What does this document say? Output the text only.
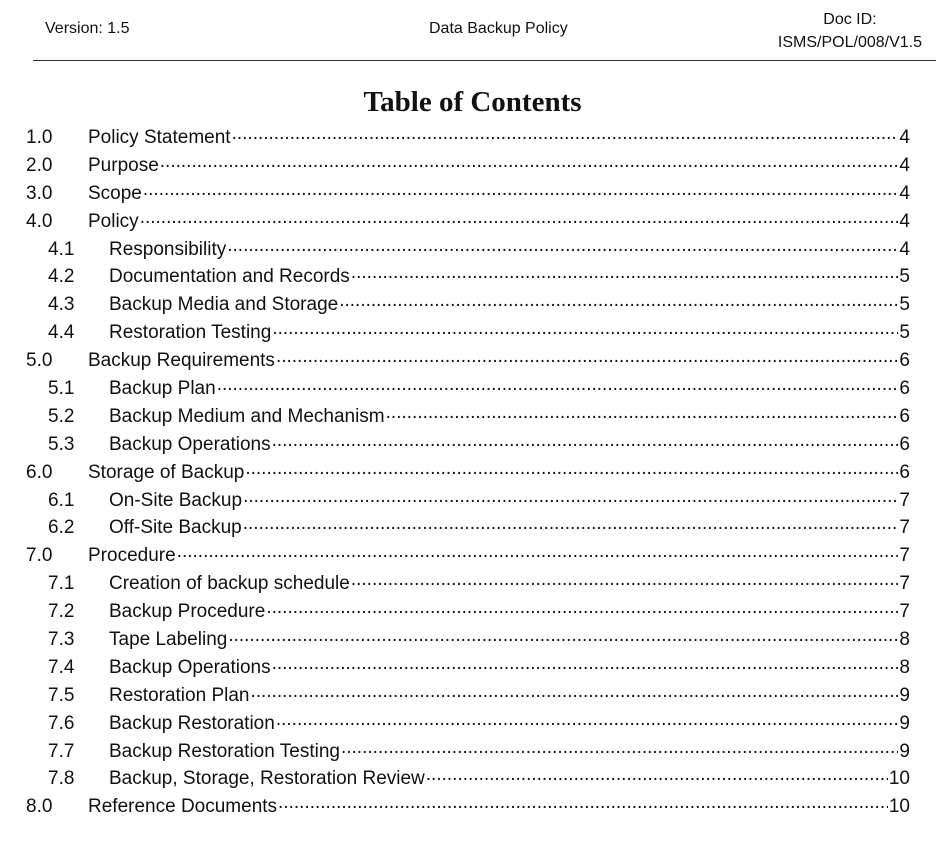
Version: 1.5	Data Backup Policy
Doc ID:
ISMS/POL/008/V1.5
Table of Contents
1.0	Policy Statement .....	4
2.0	Purpose .....	4
3.0	Scope .....	4
4.0	Policy .....	4
4.1	Responsibility .....	4
4.2	Documentation and Records .....	5
4.3	Backup Media and Storage .....	5
4.4	Restoration Testing .....	5
5.0	Backup Requirements .....	6
5.1	Backup Plan .....	6
5.2	Backup Medium and Mechanism .....	6
5.3	Backup Operations .....	6
6.0	Storage of Backup .....	6
6.1	On-Site Backup .....	7
6.2	Off-Site Backup .....	7
7.0	Procedure .....	7
7.1	Creation of backup schedule .....	7
7.2	Backup Procedure .....	7
7.3	Tape Labeling .....	8
7.4	Backup Operations .....	8
7.5	Restoration Plan .....	9
7.6	Backup Restoration .....	9
7.7	Backup Restoration Testing .....	9
7.8	Backup, Storage, Restoration Review .....	10
8.0	Reference Documents .....	10
